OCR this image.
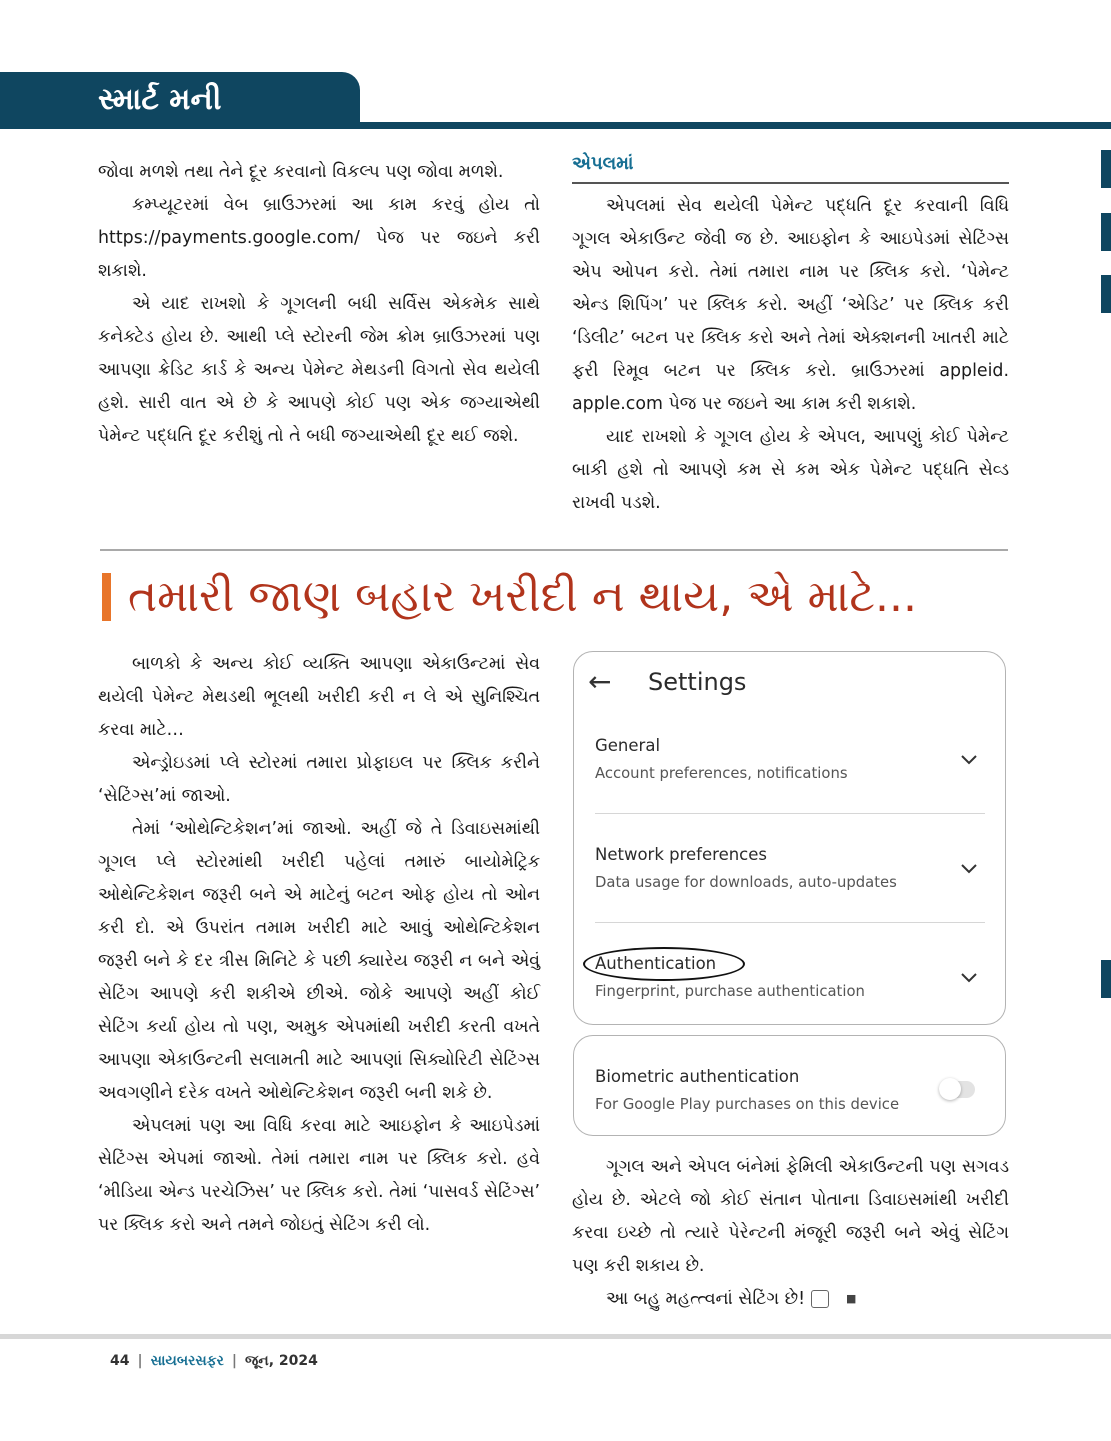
સ્માર્ટ મની

જોવા મળશે તથા તેને દૂર કરવાનો વિકલ્પ પણ જોવા મળશે.

કમ્પ્યૂટરમાં વેબ બ્રાઉઝરમાં આ કામ કરવું હોય તો https://payments.google.com/ પેજ પર જઇને કરી શકાશે.

એ યાદ રાખશો કે ગૂગલની બધી સર્વિસ એકમેક સાથે કનેક્ટેડ હોય છે. આથી પ્લે સ્ટોરની જેમ ક્રોમ બ્રાઉઝરમાં પણ આપણા ક્રેડિટ કાર્ડ કે અન્ય પેમેન્ટ મેથડની વિગતો સેવ થયેલી હશે. સારી વાત એ છે કે આપણે કોઈ પણ એક જગ્યાએથી પેમેન્ટ પદ્ધતિ દૂર કરીશું તો તે બધી જગ્યાએથી દૂર થઈ જશે.

એપલમાં

એપલમાં સેવ થયેલી પેમેન્ટ પદ્ધતિ દૂર કરવાની વિધિ ગૂગલ એકાઉન્ટ જેવી જ છે. આઇફોન કે આઇપેડમાં સેટિંગ્સ એપ ઓપન કરો. તેમાં તમારા નામ પર ક્લિક કરો. ‘પેમેન્ટ એન્ડ શિપિંગ’ પર ક્લિક કરો. અહીં ‘એડિટ’ પર ક્લિક કરી ‘ડિલીટ’ બટન પર ક્લિક કરો અને તેમાં એક્શનની ખાતરી માટે ફરી રિમૂવ બટન પર ક્લિક કરો. બ્રાઉઝરમાં appleid. apple.com પેજ પર જઇને આ કામ કરી શકાશે.

યાદ રાખશો કે ગૂગલ હોય કે એપલ, આપણું કોઈ પેમેન્ટ બાકી હશે તો આપણે કમ સે કમ એક પેમેન્ટ પદ્ધતિ સેવ્ડ રાખવી પડશે.

તમારી જાણ બહાર ખરીદી ન થાય, એ માટે...

બાળકો કે અન્ય કોઈ વ્યક્તિ આપણા એકાઉન્ટમાં સેવ થયેલી પેમેન્ટ મેથડથી ભૂલથી ખરીદી કરી ન લે એ સુનિશ્ચિત કરવા માટે…

એન્ડ્રોઇડમાં પ્લે સ્ટોરમાં તમારા પ્રોફાઇલ પર ક્લિક કરીને ‘સેટિંગ્સ’માં જાઓ.

તેમાં ‘ઓથેન્ટિકેશન’માં જાઓ. અહીં જે તે ડિવાઇસમાંથી ગૂગલ પ્લે સ્ટોરમાંથી ખરીદી પહેલાં તમારું બાયોમેટ્રિક ઓથેન્ટિકેશન જરૂરી બને એ માટેનું બટન ઓફ હોય તો ઓન કરી દો. એ ઉપરાંત તમામ ખરીદી માટે આવું ઓથેન્ટિકેશન જરૂરી બને કે દર ત્રીસ મિનિટે કે પછી ક્યારેય જરૂરી ન બને એવું સેટિંગ આપણે કરી શકીએ છીએ. જોકે આપણે અહીં કોઈ સેટિંગ કર્યા હોય તો પણ, અમુક એપમાંથી ખરીદી કરતી વખતે આપણા એકાઉન્ટની સલામતી માટે આપણાં સિક્યોરિટી સેટિંગ્સ અવગણીને દરેક વખતે ઓથેન્ટિકેશન જરૂરી બની શકે છે.

એપલમાં પણ આ વિધિ કરવા માટે આઇફોન કે આઇપેડમાં સેટિંગ્સ એપમાં જાઓ. તેમાં તમારા નામ પર ક્લિક કરો. હવે ‘મીડિયા એન્ડ પરચેઝિસ’ પર ક્લિક કરો. તેમાં ‘પાસવર્ડ સેટિંગ્સ’ પર ક્લિક કરો અને તમને જોઇતું સેટિંગ કરી લો.

← Settings
General
Account preferences, notifications
Network preferences
Data usage for downloads, auto-updates
Authentication
Fingerprint, purchase authentication
Biometric authentication
For Google Play purchases on this device

ગૂગલ અને એપલ બંનેમાં ફેમિલી એકાઉન્ટની પણ સગવડ હોય છે. એટલે જો કોઈ સંતાન પોતાના ડિવાઇસમાંથી ખરીદી કરવા ઇચ્છે તો ત્યારે પેરેન્ટની મંજૂરી જરૂરી બને એવું સેટિંગ પણ કરી શકાય છે.

આ બહુ મહત્ત્વનાં સેટિંગ છે!	■

44 | સાયબરસફર | જૂન, 2024
